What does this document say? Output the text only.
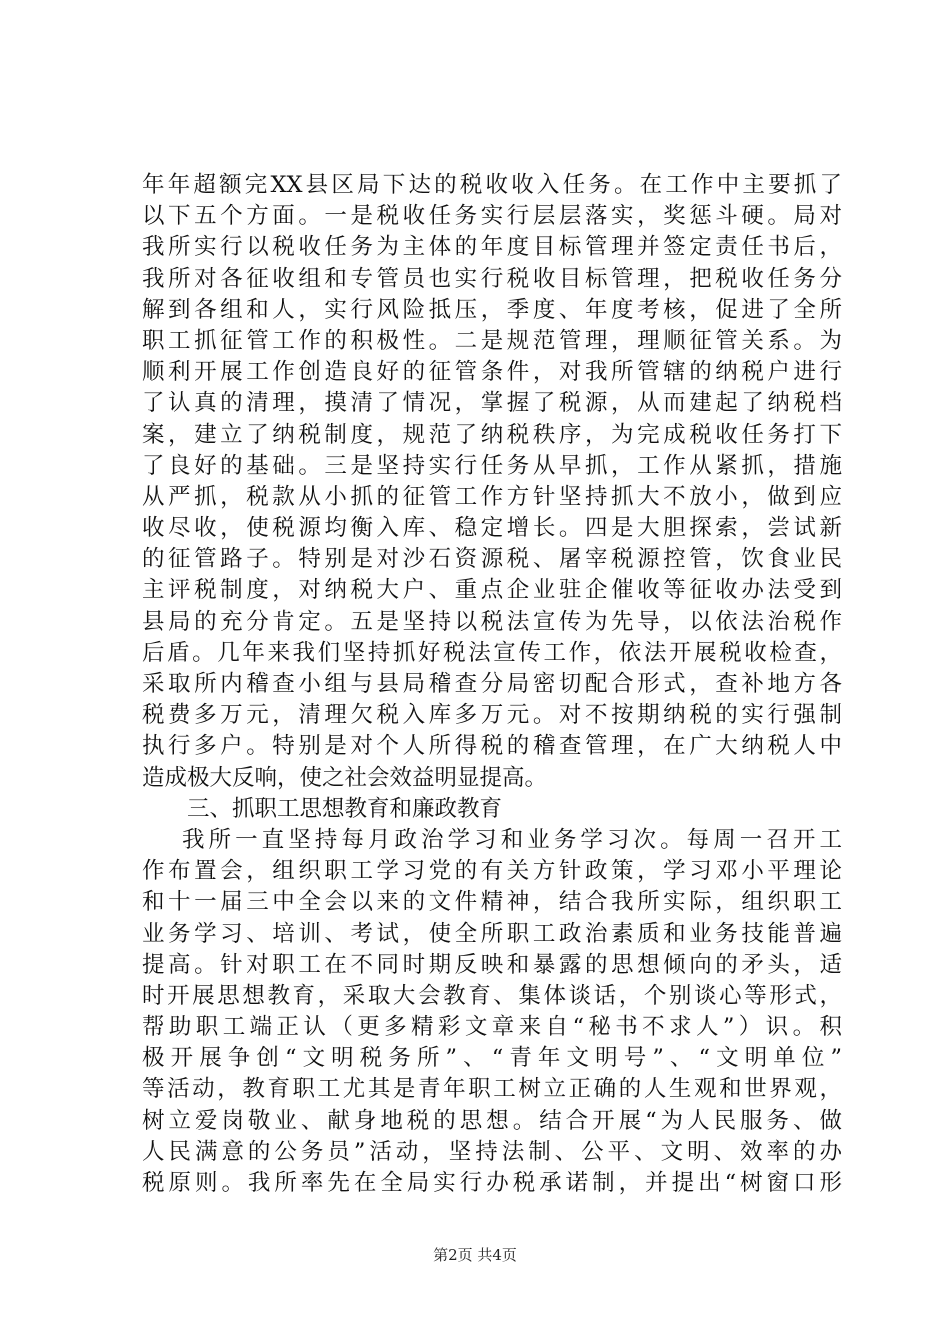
年年超额完XX县区局下达的税收收入任务。在工作中主要抓了
以下五个方面。一是税收任务实行层层落实，奖惩斗硬。局对
我所实行以税收任务为主体的年度目标管理并签定责任书后，
我所对各征收组和专管员也实行税收目标管理，把税收任务分
解到各组和人，实行风险抵压，季度、年度考核，促进了全所
职工抓征管工作的积极性。二是规范管理，理顺征管关系。为
顺利开展工作创造良好的征管条件，对我所管辖的纳税户进行
了认真的清理，摸清了情况，掌握了税源，从而建起了纳税档
案，建立了纳税制度，规范了纳税秩序，为完成税收任务打下
了良好的基础。三是坚持实行任务从早抓，工作从紧抓，措施
从严抓，税款从小抓的征管工作方针坚持抓大不放小，做到应
收尽收，使税源均衡入库、稳定增长。四是大胆探索，尝试新
的征管路子。特别是对沙石资源税、屠宰税源控管，饮食业民
主评税制度，对纳税大户、重点企业驻企催收等征收办法受到
县局的充分肯定。五是坚持以税法宣传为先导，以依法治税作
后盾。几年来我们坚持抓好税法宣传工作，依法开展税收检查，
采取所内稽查小组与县局稽查分局密切配合形式，查补地方各
税费多万元，清理欠税入库多万元。对不按期纳税的实行强制
执行多户。特别是对个人所得税的稽查管理，在广大纳税人中
造成极大反响，使之社会效益明显提高。
三、抓职工思想教育和廉政教育
我所一直坚持每月政治学习和业务学习次。每周一召开工
作布置会，组织职工学习党的有关方针政策，学习邓小平理论
和十一届三中全会以来的文件精神，结合我所实际，组织职工
业务学习、培训、考试，使全所职工政治素质和业务技能普遍
提高。针对职工在不同时期反映和暴露的思想倾向的矛头，适
时开展思想教育，采取大会教育、集体谈话，个别谈心等形式，
帮助职工端正认（更多精彩文章来自“秘书不求人”）识。积
极开展争创“文明税务所”、“青年文明号”、“文明单位”
等活动，教育职工尤其是青年职工树立正确的人生观和世界观，
树立爱岗敬业、献身地税的思想。结合开展“为人民服务、做
人民满意的公务员”活动，坚持法制、公平、文明、效率的办
税原则。我所率先在全局实行办税承诺制，并提出“树窗口形
第2页 共4页
